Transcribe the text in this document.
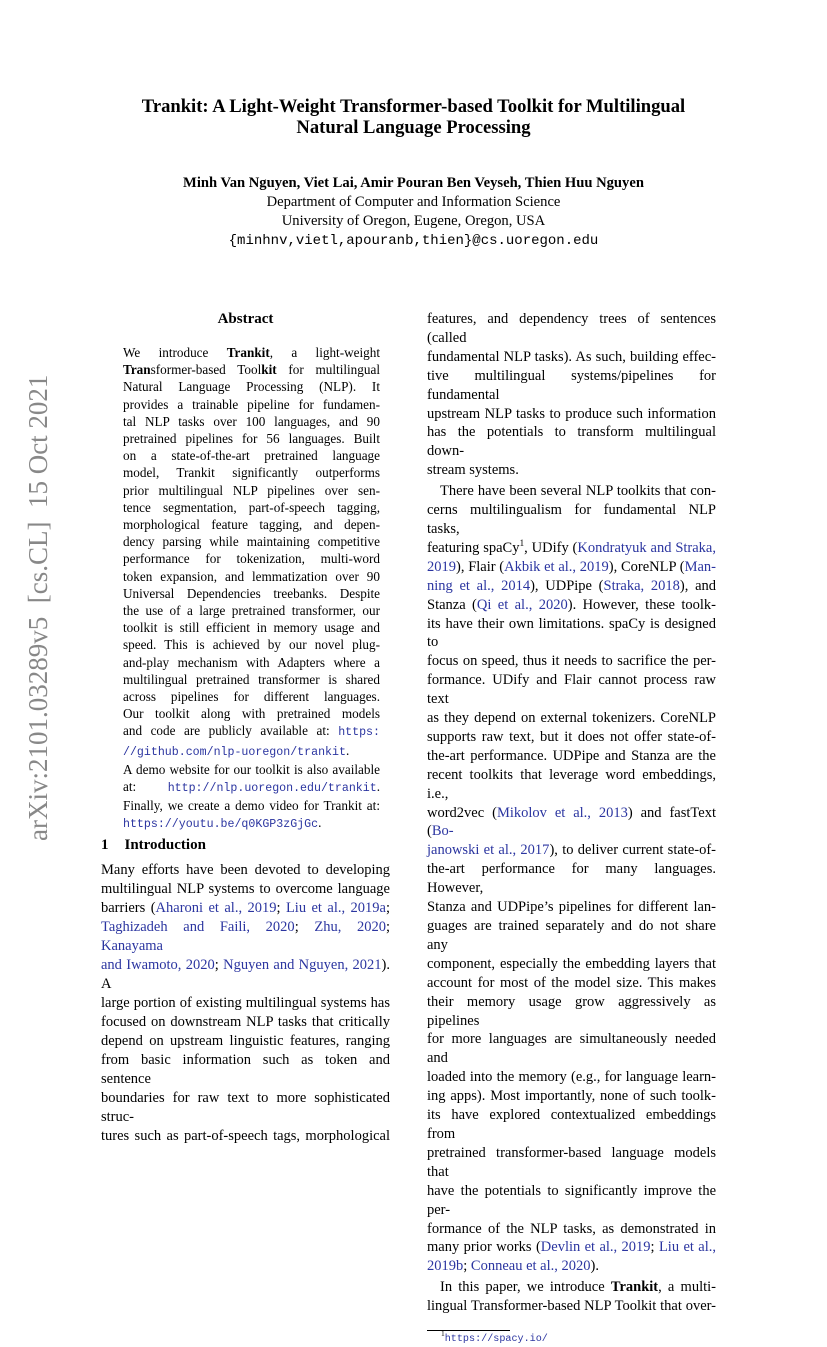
Trankit: A Light-Weight Transformer-based Toolkit for Multilingual
Natural Language Processing
Minh Van Nguyen, Viet Lai, Amir Pouran Ben Veyseh, Thien Huu Nguyen
Department of Computer and Information Science
University of Oregon, Eugene, Oregon, USA
{minhnv,vietl,apouranb,thien}@cs.uoregon.edu
arXiv:2101.03289v5  [cs.CL]  15 Oct 2021
Abstract
We introduce Trankit, a light-weight
Transformer-based Toolkit for multilingual
Natural Language Processing (NLP). It
provides a trainable pipeline for fundamen-
tal NLP tasks over 100 languages, and 90
pretrained pipelines for 56 languages. Built
on a state-of-the-art pretrained language
model, Trankit significantly outperforms
prior multilingual NLP pipelines over sen-
tence segmentation, part-of-speech tagging,
morphological feature tagging, and depen-
dency parsing while maintaining competitive
performance for tokenization, multi-word
token expansion, and lemmatization over 90
Universal Dependencies treebanks. Despite
the use of a large pretrained transformer, our
toolkit is still efficient in memory usage and
speed. This is achieved by our novel plug-
and-play mechanism with Adapters where a
multilingual pretrained transformer is shared
across pipelines for different languages.
Our toolkit along with pretrained models
and code are publicly available at: https:
//github.com/nlp-uoregon/trankit.
A demo website for our toolkit is also available
at: http://nlp.uoregon.edu/trankit.
Finally, we create a demo video for Trankit at:
https://youtu.be/q0KGP3zGjGc.
1 Introduction
Many efforts have been devoted to developing
multilingual NLP systems to overcome language
barriers (Aharoni et al., 2019; Liu et al., 2019a;
Taghizadeh and Faili, 2020; Zhu, 2020; Kanayama
and Iwamoto, 2020; Nguyen and Nguyen, 2021). A
large portion of existing multilingual systems has
focused on downstream NLP tasks that critically
depend on upstream linguistic features, ranging
from basic information such as token and sentence
boundaries for raw text to more sophisticated struc-
tures such as part-of-speech tags, morphological
features, and dependency trees of sentences (called
fundamental NLP tasks). As such, building effec-
tive multilingual systems/pipelines for fundamental
upstream NLP tasks to produce such information
has the potentials to transform multilingual down-
stream systems.
There have been several NLP toolkits that con-
cerns multilingualism for fundamental NLP tasks,
featuring spaCy$^1$, UDify (Kondratyuk and Straka,
2019), Flair (Akbik et al., 2019), CoreNLP (Man-
ning et al., 2014), UDPipe (Straka, 2018), and
Stanza (Qi et al., 2020). However, these toolk-
its have their own limitations. spaCy is designed to
focus on speed, thus it needs to sacrifice the per-
formance. UDify and Flair cannot process raw text
as they depend on external tokenizers. CoreNLP
supports raw text, but it does not offer state-of-
the-art performance. UDPipe and Stanza are the
recent toolkits that leverage word embeddings, i.e.,
word2vec (Mikolov et al., 2013) and fastText (Bo-
janowski et al., 2017), to deliver current state-of-
the-art performance for many languages. However,
Stanza and UDPipe’s pipelines for different lan-
guages are trained separately and do not share any
component, especially the embedding layers that
account for most of the model size. This makes
their memory usage grow aggressively as pipelines
for more languages are simultaneously needed and
loaded into the memory (e.g., for language learn-
ing apps). Most importantly, none of such toolk-
its have explored contextualized embeddings from
pretrained transformer-based language models that
have the potentials to significantly improve the per-
formance of the NLP tasks, as demonstrated in
many prior works (Devlin et al., 2019; Liu et al.,
2019b; Conneau et al., 2020).
In this paper, we introduce Trankit, a multi-
lingual Transformer-based NLP Toolkit that over-
$^1$https://spacy.io/
